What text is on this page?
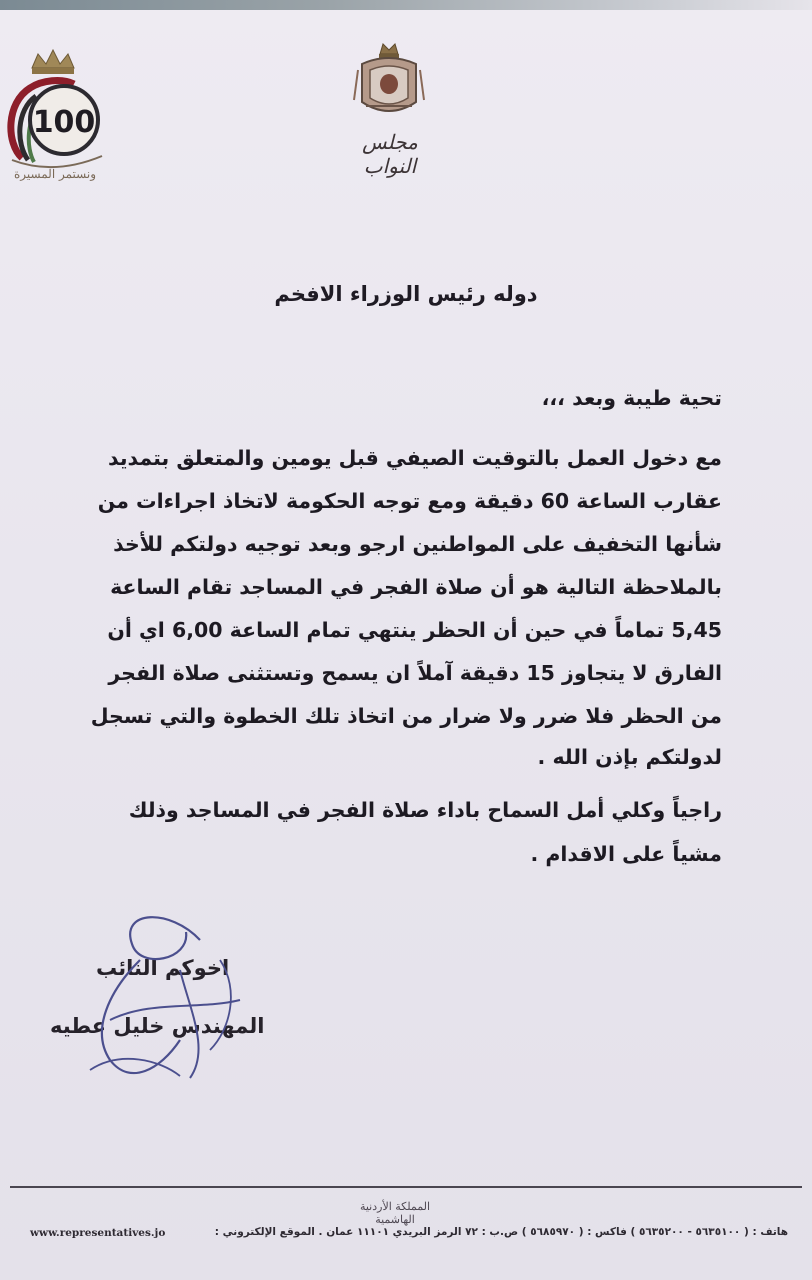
100
ونستمر المسيرة
مجلس النواب
دوله رئيس الوزراء الافخم
تحية طيبة وبعد ،،،
مع دخول العمل بالتوقيت الصيفي قبل يومين والمتعلق بتمديد
عقارب الساعة 60 دقيقة ومع توجه الحكومة لاتخاذ اجراءات من
شأنها التخفيف على المواطنين ارجو وبعد توجيه دولتكم للأخذ
بالملاحظة التالية هو أن صلاة الفجر في المساجد تقام الساعة
5,45 تماماً في حين أن الحظر ينتهي تمام الساعة 6,00 اي أن
الفارق لا يتجاوز 15 دقيقة آملاً ان يسمح وتستثنى صلاة الفجر
من الحظر فلا ضرر ولا ضرار من اتخاذ تلك الخطوة والتي تسجل
لدولتكم بإذن الله .
راجياً وكلي أمل السماح باداء صلاة الفجر في المساجد وذلك
مشياً على الاقدام .
اخوكم النائب
المهندس خليل عطيه
المملكة الأردنية الهاشمية
هاتف : ( ٥٦٣٥١٠٠ - ٥٦٣٥٢٠٠ ) فاكس : ( ٥٦٨٥٩٧٠ ) ص.ب : ٧٢ الرمز البريدي ١١١٠١ عمان . الموقع الإلكتروني :
www.representatives.jo
